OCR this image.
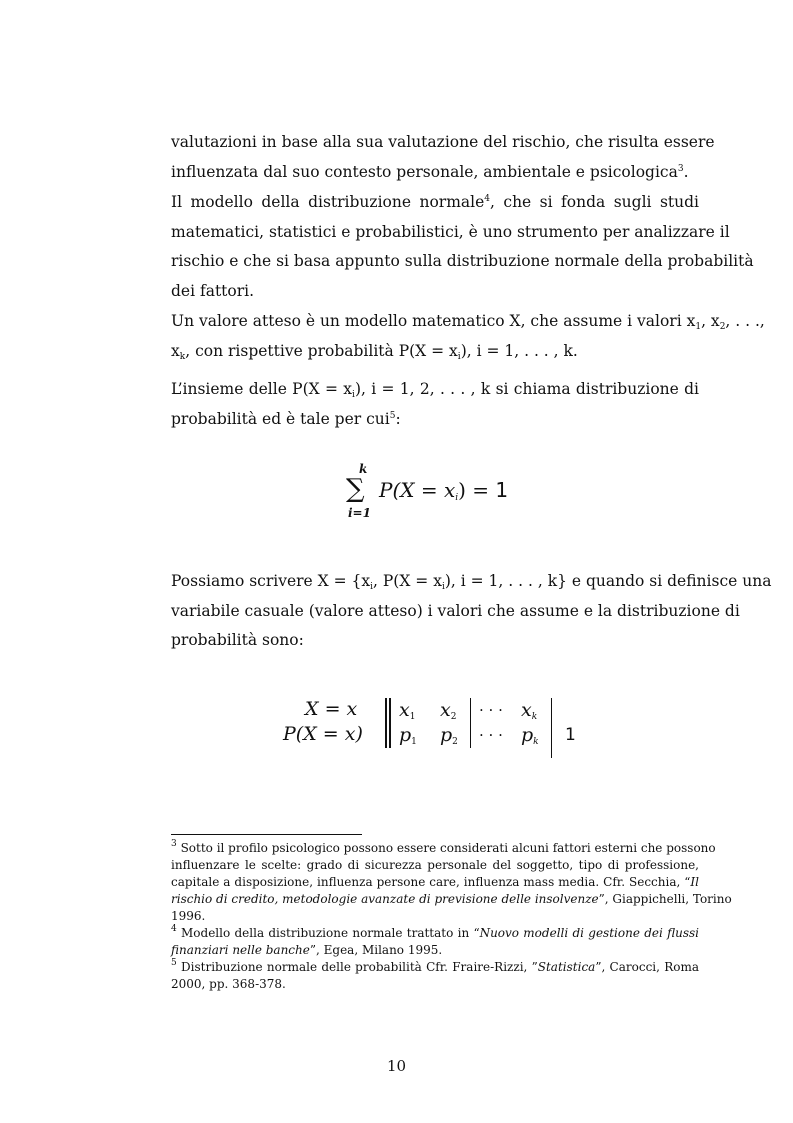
valutazioni in base alla sua valutazione del rischio, che risulta essere
influenzata dal suo contesto personale, ambientale e psicologica$^3$.
Il modello della distribuzione normale$^4$, che si fonda sugli studi
matematici, statistici e probabilistici, è uno strumento per analizzare il
rischio e che si basa appunto sulla distribuzione normale della probabilità
dei fattori.
Un valore atteso è un modello matematico X, che assume i valori $x_1$, $x_2$, . . .,
$x_k$, con rispettive probabilità $P(X = x_i)$, i = 1, . . . , k.
L’insieme delle $P(X = x_i)$, i = 1, 2, . . . , k si chiama distribuzione di
probabilità ed è tale per cui$^5$:
k
∑
i=1
$P(X = x_i) = 1$
Possiamo scrivere $X = \{x_i$, $P(X = x_i)$, i = 1, . . . , k} e quando si definisce una
variabile casuale (valore atteso) i valori che assume e la distribuzione di
probabilità sono:
X = x
P(X = x)
$x_1$ $x_2$
$p_1$ $p_2$
. . .
. . .
$x_k$
$p_k$ 1
$^3$ Sotto il profilo psicologico possono essere considerati alcuni fattori esterni che possono
influenzare le scelte: grado di sicurezza personale del soggetto, tipo di professione,
capitale a disposizione, influenza persone care, influenza mass media. Cfr. Secchia, “Il
rischio di credito, metodologie avanzate di previsione delle insolvenze”, Giappichelli, Torino
1996.
$^4$ Modello della distribuzione normale trattato in “Nuovo modelli di gestione dei flussi
finanziari nelle banche”, Egea, Milano 1995.
$^5$ Distribuzione normale delle probabilità Cfr. Fraire-Rizzi, ”Statistica”, Carocci, Roma
2000, pp. 368-378.
10
